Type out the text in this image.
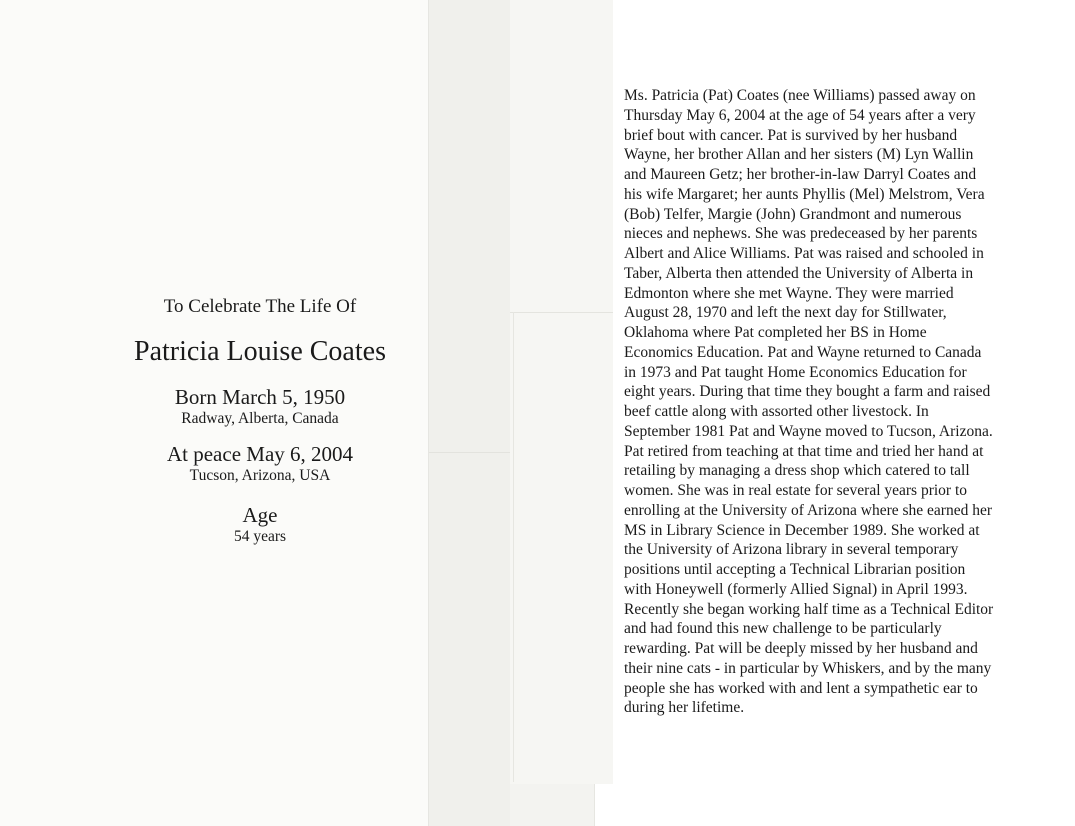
To Celebrate The Life Of

Patricia Louise Coates

Born March 5, 1950

Radway, Alberta, Canada

At peace May 6, 2004

Tucson, Arizona, USA

Age

54 years

Ms. Patricia (Pat) Coates (nee Williams) passed away on
Thursday May 6, 2004 at the age of 54 years after a very
brief bout with cancer. Pat is survived by her husband
Wayne, her brother Allan and her sisters (M) Lyn Wallin
and Maureen Getz; her brother-in-law Darryl Coates and
his wife Margaret; her aunts Phyllis (Mel) Melstrom, Vera
(Bob) Telfer, Margie (John) Grandmont and numerous
nieces and nephews. She was predeceased by her parents
Albert and Alice Williams. Pat was raised and schooled in
Taber, Alberta then attended the University of Alberta in
Edmonton where she met Wayne. They were married
August 28, 1970 and left the next day for Stillwater,
Oklahoma where Pat completed her BS in Home
Economics Education. Pat and Wayne returned to Canada
in 1973 and Pat taught Home Economics Education for
eight years. During that time they bought a farm and raised
beef cattle along with assorted other livestock. In
September 1981 Pat and Wayne moved to Tucson, Arizona.
Pat retired from teaching at that time and tried her hand at
retailing by managing a dress shop which catered to tall
women. She was in real estate for several years prior to
enrolling at the University of Arizona where she earned her
MS in Library Science in December 1989. She worked at
the University of Arizona library in several temporary
positions until accepting a Technical Librarian position
with Honeywell (formerly Allied Signal) in April 1993.
Recently she began working half time as a Technical Editor
and had found this new challenge to be particularly
rewarding. Pat will be deeply missed by her husband and
their nine cats - in particular by Whiskers, and by the many
people she has worked with and lent a sympathetic ear to
during her lifetime.
